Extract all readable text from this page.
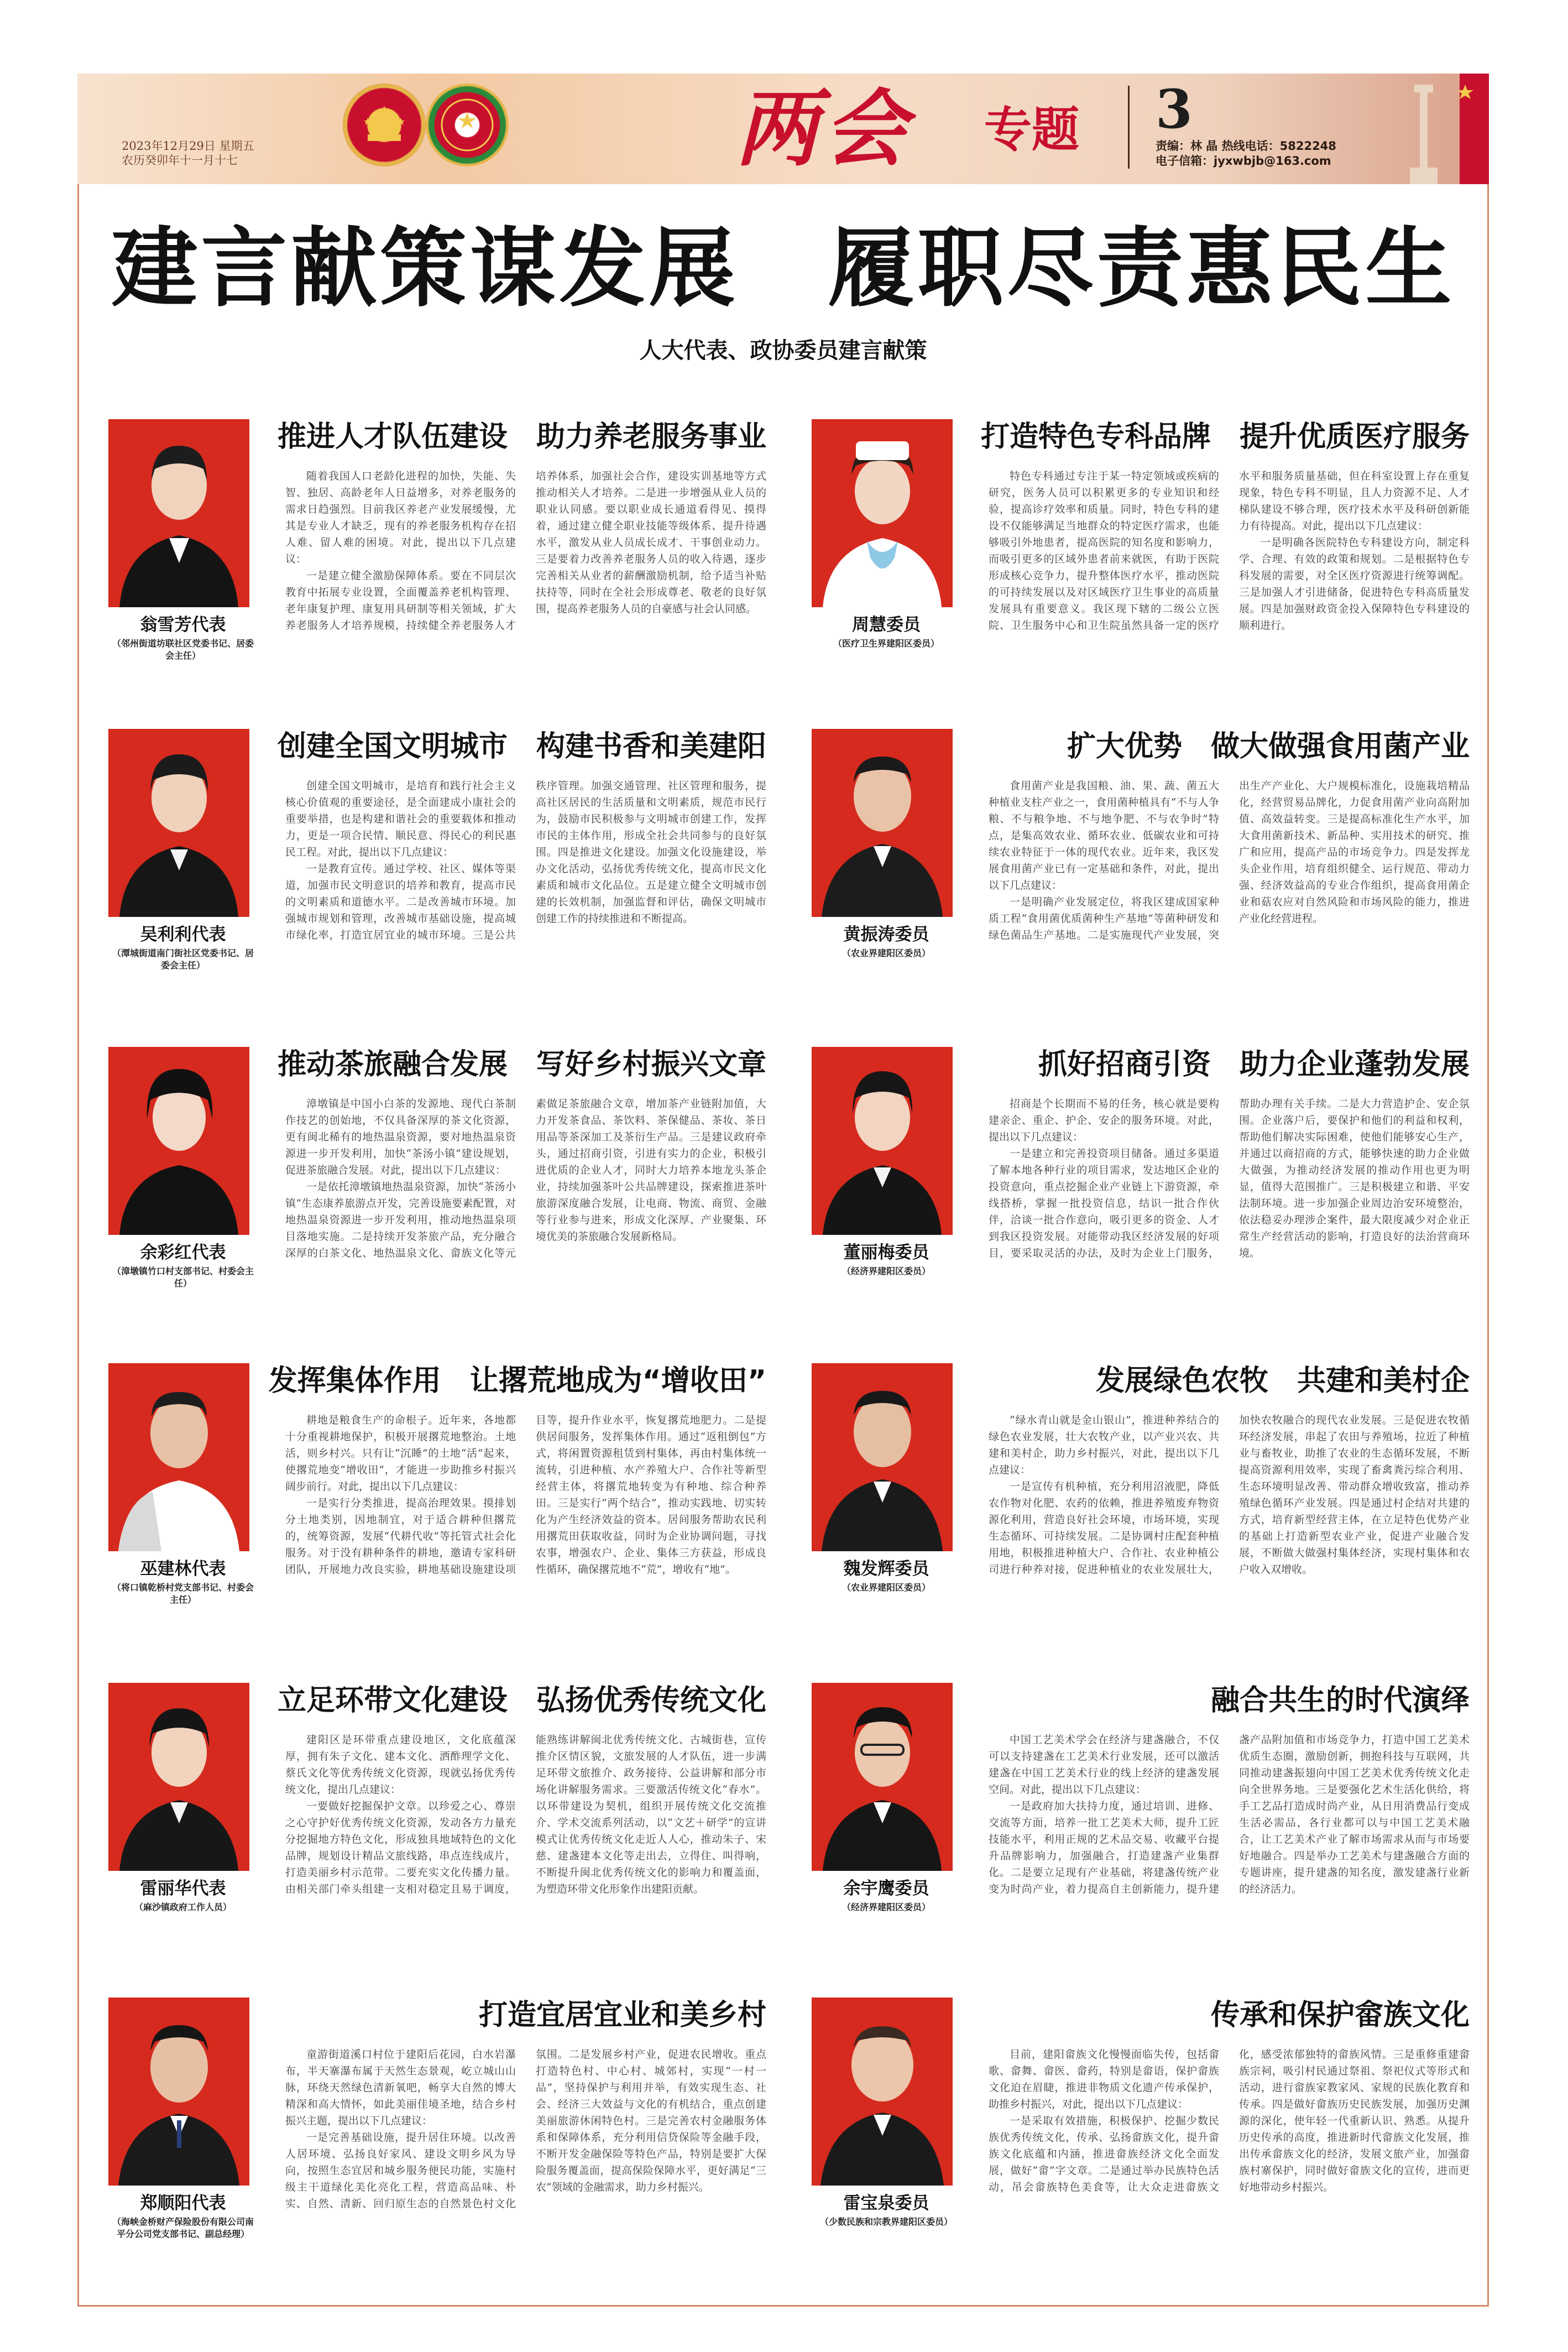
2023年12月29日 星期五
农历癸卯年十一月十七	两会 专题 3
责编：林 晶 热线电话：5822248
电子信箱：jyxwbjb@163.com
建言献策谋发展　履职尽责惠民生
人大代表、政协委员建言献策
翁雪芳代表
（邻州街道坊联社区党委书记、居委会主任）
推进人才队伍建设　助力养老服务事业

随着我国人口老龄化进程的加快，失能、失智、独居、高龄老年人日益增多，对养老服务的需求日趋强烈。目前我区养老产业发展缓慢，尤其是专业人才缺乏，现有的养老服务机构存在招人难、留人难的困境。对此，提出以下几点建议：

一是建立健全激励保障体系。要在不同层次教育中拓展专业设置，全面覆盖养老机构管理、老年康复护理、康复用具研制等相关领域，扩大养老服务人才培养规模，持续健全养老服务人才培养体系，加强社会合作，建设实训基地等方式推动相关人才培养。二是进一步增强从业人员的职业认同感。要以职业成长通道看得见、摸得着，通过建立健全职业技能等级体系、提升待遇水平，激发从业人员成长成才、干事创业动力。三是要着力改善养老服务人员的收入待遇，逐步完善相关从业者的薪酬激励机制，给予适当补贴扶持等，同时在全社会形成尊老、敬老的良好氛围，提高养老服务人员的自豪感与社会认同感。

周慧委员
（医疗卫生界建阳区委员）
打造特色专科品牌　提升优质医疗服务

特色专科通过专注于某一特定领域或疾病的研究，医务人员可以积累更多的专业知识和经验，提高诊疗效率和质量。同时，特色专科的建设不仅能够满足当地群众的特定医疗需求，也能够吸引外地患者，提高医院的知名度和影响力，而吸引更多的区域外患者前来就医，有助于医院形成核心竞争力，提升整体医疗水平，推动医院的可持续发展以及对区域医疗卫生事业的高质量发展具有重要意义。我区现下辖的二级公立医院、卫生服务中心和卫生院虽然具备一定的医疗水平和服务质量基础，但在科室设置上存在重复现象，特色专科不明显，且人力资源不足、人才梯队建设不够合理，医疗技术水平及科研创新能力有待提高。对此，提出以下几点建议：

一是明确各医院特色专科建设方向，制定科学、合理、有效的政策和规划。二是根据特色专科发展的需要，对全区医疗资源进行统筹调配。三是加强人才引进储备，促进特色专科高质量发展。四是加强财政资金投入保障特色专科建设的顺利进行。

吴利利代表
（潭城街道南门街社区党委书记、居委会主任）
创建全国文明城市　构建书香和美建阳

创建全国文明城市，是培育和践行社会主义核心价值观的重要途径，是全面建成小康社会的重要举措，也是构建和谐社会的重要载体和推动力，更是一项合民情、顺民意、得民心的利民惠民工程。对此，提出以下几点建议：

一是教育宣传。通过学校、社区、媒体等渠道，加强市民文明意识的培养和教育，提高市民的文明素质和道德水平。二是改善城市环境。加强城市规划和管理，改善城市基础设施，提高城市绿化率，打造宜居宜业的城市环境。三是公共秩序管理。加强交通管理、社区管理和服务，提高社区居民的生活质量和文明素质，规范市民行为，鼓励市民积极参与文明城市创建工作，发挥市民的主体作用，形成全社会共同参与的良好氛围。四是推进文化建设。加强文化设施建设，举办文化活动，弘扬优秀传统文化，提高市民文化素质和城市文化品位。五是建立健全文明城市创建的长效机制，加强监督和评估，确保文明城市创建工作的持续推进和不断提高。

黄振涛委员
（农业界建阳区委员）
扩大优势　做大做强食用菌产业

食用菌产业是我国粮、油、果、蔬、菌五大种植业支柱产业之一，食用菌种植具有“不与人争粮、不与粮争地、不与地争肥、不与农争时”特点，是集高效农业、循环农业、低碳农业和可持续农业特征于一体的现代农业。近年来，我区发展食用菌产业已有一定基础和条件，对此，提出以下几点建议：

一是明确产业发展定位，将我区建成国家种质工程“食用菌优质菌种生产基地”等菌种研发和绿色菌品生产基地。二是实施现代产业发展，突出生产产业化、大户规模标准化，设施栽培精品化，经营贸易品牌化，力促食用菌产业向高附加值、高效益转变。三是提高标准化生产水平，加大食用菌新技术、新品种、实用技术的研究、推广和应用，提高产品的市场竞争力。四是发挥龙头企业作用，培育组织健全、运行规范、带动力强、经济效益高的专业合作组织，提高食用菌企业和菇农应对自然风险和市场风险的能力，推进产业化经营进程。

余彩红代表
（漳墩镇竹口村支部书记、村委会主任）
推动茶旅融合发展　写好乡村振兴文章

漳墩镇是中国小白茶的发源地、现代白茶制作技艺的创始地，不仅具备深厚的茶文化资源，更有闽北稀有的地热温泉资源，要对地热温泉资源进一步开发利用，加快“茶汤小镇”建设规划，促进茶旅融合发展。对此，提出以下几点建议：

一是依托漳墩镇地热温泉资源，加快“茶汤小镇”生态康养旅游点开发，完善设施要素配置，对地热温泉资源进一步开发利用，推动地热温泉项目落地实施。二是持续开发茶旅产品，充分融合深厚的白茶文化、地热温泉文化、畲族文化等元素做足茶旅融合文章，增加茶产业链附加值，大力开发茶食品、茶饮料、茶保健品、茶妆、茶日用品等茶深加工及茶衍生产品。三是建议政府牵头，通过招商引资，引进有实力的企业，积极引进优质的企业人才，同时大力培养本地龙头茶企业，持续加强茶叶公共品牌建设，探索推进茶叶旅游深度融合发展，让电商、物流、商贸、金融等行业参与进来，形成文化深厚、产业聚集、环境优美的茶旅融合发展新格局。

董丽梅委员
（经济界建阳区委员）
抓好招商引资　助力企业蓬勃发展

招商是个长期而不易的任务，核心就是要构建亲企、重企、护企、安企的服务环境。对此，提出以下几点建议：

一是建立和完善投资项目储备。通过多渠道了解本地各种行业的项目需求，发达地区企业的投资意向，重点挖掘企业产业链上下游资源，牵线搭桥，掌握一批投资信息，结识一批合作伙伴，洽谈一批合作意向，吸引更多的资金、人才到我区投资发展。对能带动我区经济发展的好项目，要采取灵活的办法，及时为企业上门服务，帮助办理有关手续。二是大力营造护企、安企氛围。企业落户后，要保护和他们的利益和权利，帮助他们解决实际困难，使他们能够安心生产，并通过以商招商的方式，能够快速的助力企业做大做强，为推动经济发展的推动作用也更为明显，值得大范围推广。三是积极建立和谐、平安法制环境。进一步加强企业周边治安环境整治，依法稳妥办理涉企案件，最大限度减少对企业正常生产经营活动的影响，打造良好的法治营商环境。

巫建林代表
（将口镇乾桥村党支部书记、村委会主任）
发挥集体作用　让撂荒地成为“增收田”

耕地是粮食生产的命根子。近年来，各地都十分重视耕地保护，积极开展撂荒地整治。土地活，则乡村兴。只有让“沉睡”的土地“活”起来，使撂荒地变“增收田”，才能进一步助推乡村振兴阔步前行。对此，提出以下几点建议：

一是实行分类推进，提高治理效果。摸排划分土地类别，因地制宜，对于适合耕种但撂荒的，统筹资源，发展“代耕代收”等托管式社会化服务。对于没有耕种条件的耕地，邀请专家科研团队，开展地力改良实验，耕地基础设施建设项目等，提升作业水平，恢复撂荒地肥力。二是提供居间服务，发挥集体作用。通过“返租倒包”方式，将闲置资源租赁到村集体，再由村集体统一流转，引进种植、水产养殖大户、合作社等新型经营主体，将撂荒地转变为有种地、综合种养田。三是实行“两个结合”，推动实践地、切实转化为产生经济效益的资本。居间服务帮助农民利用撂荒田获取收益，同时为企业协调问题，寻找农事，增强农户、企业、集体三方获益，形成良性循环，确保撂荒地不“荒”，增收有“地”。	魏发辉委员
（农业界建阳区委员）
发展绿色农牧　共建和美村企

“绿水青山就是金山银山”，推进种养结合的绿色农业发展，壮大农牧产业，以产业兴农、共建和美村企，助力乡村振兴，对此，提出以下几点建议：

一是宣传有机种植，充分利用沼液肥，降低农作物对化肥、农药的依赖，推进养殖废弃物资源化利用，营造良好社会环境，市场环境，实现生态循环、可持续发展。二是协调村庄配套种植用地，积极推进种植大户、合作社、农业种植公司进行种养对接，促进种植业的农业发展壮大，加快农牧融合的现代农业发展。三是促进农牧循环经济发展，串起了农田与养殖场，拉近了种植业与畜牧业，助推了农业的生态循环发展，不断提高资源利用效率，实现了畜禽粪污综合利用、生态环境明显改善、带动群众增收致富，推动养殖绿色循环产业发展。四是通过村企结对共建的方式，培育新型经营主体，在立足特色优势产业的基础上打造新型农业产业，促进产业融合发展，不断做大做强村集体经济，实现村集体和农户收入双增收。

雷丽华代表
（麻沙镇政府工作人员）
立足环带文化建设　弘扬优秀传统文化

建阳区是环带重点建设地区，文化底蕴深厚，拥有朱子文化、建本文化、洒酢理学文化、蔡氏文化等优秀传统文化资源，现就弘扬优秀传统文化，提出几点建议：

一要做好挖掘保护文章。以珍爱之心、尊崇之心守护好优秀传统文化资源，发动各方力量充分挖掘地方特色文化，形成独具地域特色的文化品牌，规划设计精品文旅线路，串点连线成片，打造美丽乡村示范带。二要充实文化传播力量。由相关部门牵头组建一支相对稳定且易于调度，能熟练讲解闽北优秀传统文化、古城街巷，宣传推介区情区貌，文旅发展的人才队伍，进一步满足环带文旅推介、政务接待、公益讲解和部分市场化讲解服务需求。三要激活传统文化“春水”。以环带建设为契机，组织开展传统文化交流推介、学术交流系列活动，以“文艺＋研学”的宣讲模式让优秀传统文化走近人人心，推动朱子、宋慈、建盏建本文化等走出去，立得住、叫得响，不断提升闽北优秀传统文化的影响力和覆盖面，为塑造环带文化形象作出建阳贡献。	余宇鹰委员
（经济界建阳区委员）
融合共生的时代演绎

中国工艺美术学会在经济与建盏融合，不仅可以支持建盏在工艺美术行业发展，还可以激活建盏在中国工艺美术行业的线上经济的建盏发展空间。对此，提出以下几点建议：

一是政府加大扶持力度，通过培训、进修、交流等方面，培养一批工艺美术大师，提升工匠技能水平，利用正规的艺术品交易、收藏平台提升品牌影响力，加强融合，打造建盏产业集群化。二是要立足现有产业基础，将建盏传统产业变为时尚产业，着力提高自主创新能力，提升建盏产品附加值和市场竞争力，打造中国工艺美术优质生态圈，激励创新，拥抱科技与互联网，共同推动建盏振翅向中国工艺美术优秀传统文化走向全世界务地。三是要强化艺术生活化供给，将手工艺品打造成时尚产业，从日用消费品行变成生活必需品，各行业都可以与中国工艺美术融合，让工艺美术产业了解市场需求从而与市场要好地融合。四是举办工艺美术与建盏融合方面的专题讲座，提升建盏的知名度，激发建盏行业新的经济活力。

郑顺阳代表
（海峡金桥财产保险股份有限公司南平分公司党支部书记、副总经理）
打造宜居宜业和美乡村

童游街道溪口村位于建阳后花园，白水岩瀑布，半天寨瀑布属于天然生态景观，屹立城山山脉，环绕天然绿色清新氧吧，畅享大自然的博大精深和高大情怀，如此美丽佳境圣地，结合乡村振兴主题，提出以下几点建议：

一是完善基础设施，提升居住环境。以改善人居环境、弘扬良好家风、建设文明乡风为导向，按照生态宜居和城乡服务便民功能，实施村级主干道绿化美化亮化工程，营造高品味、朴实、自然、清新、回归原生态的自然景色村文化氛围。二是发展乡村产业，促进农民增收。重点打造特色村、中心村、城郊村，实现“一村一品”，坚持保护与利用并举，有效实现生态、社会、经济三大效益与文化的有机结合，重点创建美丽旅游休闲特色村。三是完善农村金融服务体系和保障体系，充分利用信贷保险等金融手段，不断开发金融保险等特色产品，特别是要扩大保险服务覆盖面，提高保险保障水平，更好满足“三农”领域的金融需求，助力乡村振兴。

雷宝泉委员
（少数民族和宗教界建阳区委员）
传承和保护畲族文化

目前，建阳畲族文化慢慢面临失传，包括畲歌、畲舞、畲医、畲药，特别是畲语，保护畲族文化迫在眉睫，推进非物质文化遗产传承保护，助推乡村振兴，对此，提出以下几点建议：

一是采取有效措施，积极保护、挖掘少数民族优秀传统文化，传承、弘扬畲族文化，提升畲族文化底蕴和内涵，推进畲族经济文化全面发展，做好“畲”字文章。二是通过举办民族特色活动，吊会畲族特色美食等，让大众走进畲族文化，感受浓郁独特的畲族风情。三是重修重建畲族宗祠，吸引村民通过祭祖、祭祀仪式等形式和活动，进行畲族家教家风、家规的民族化教育和传承。四是做好畲族历史民族发展，加强历史渊源的深化，使年轻一代重新认识、熟悉。从提升历史传承的高度，推进新时代畲族文化发展，推出传承畲族文化的经济，发展文旅产业，加强畲族村寨保护，同时做好畲族文化的宣传，进而更好地带动乡村振兴。
